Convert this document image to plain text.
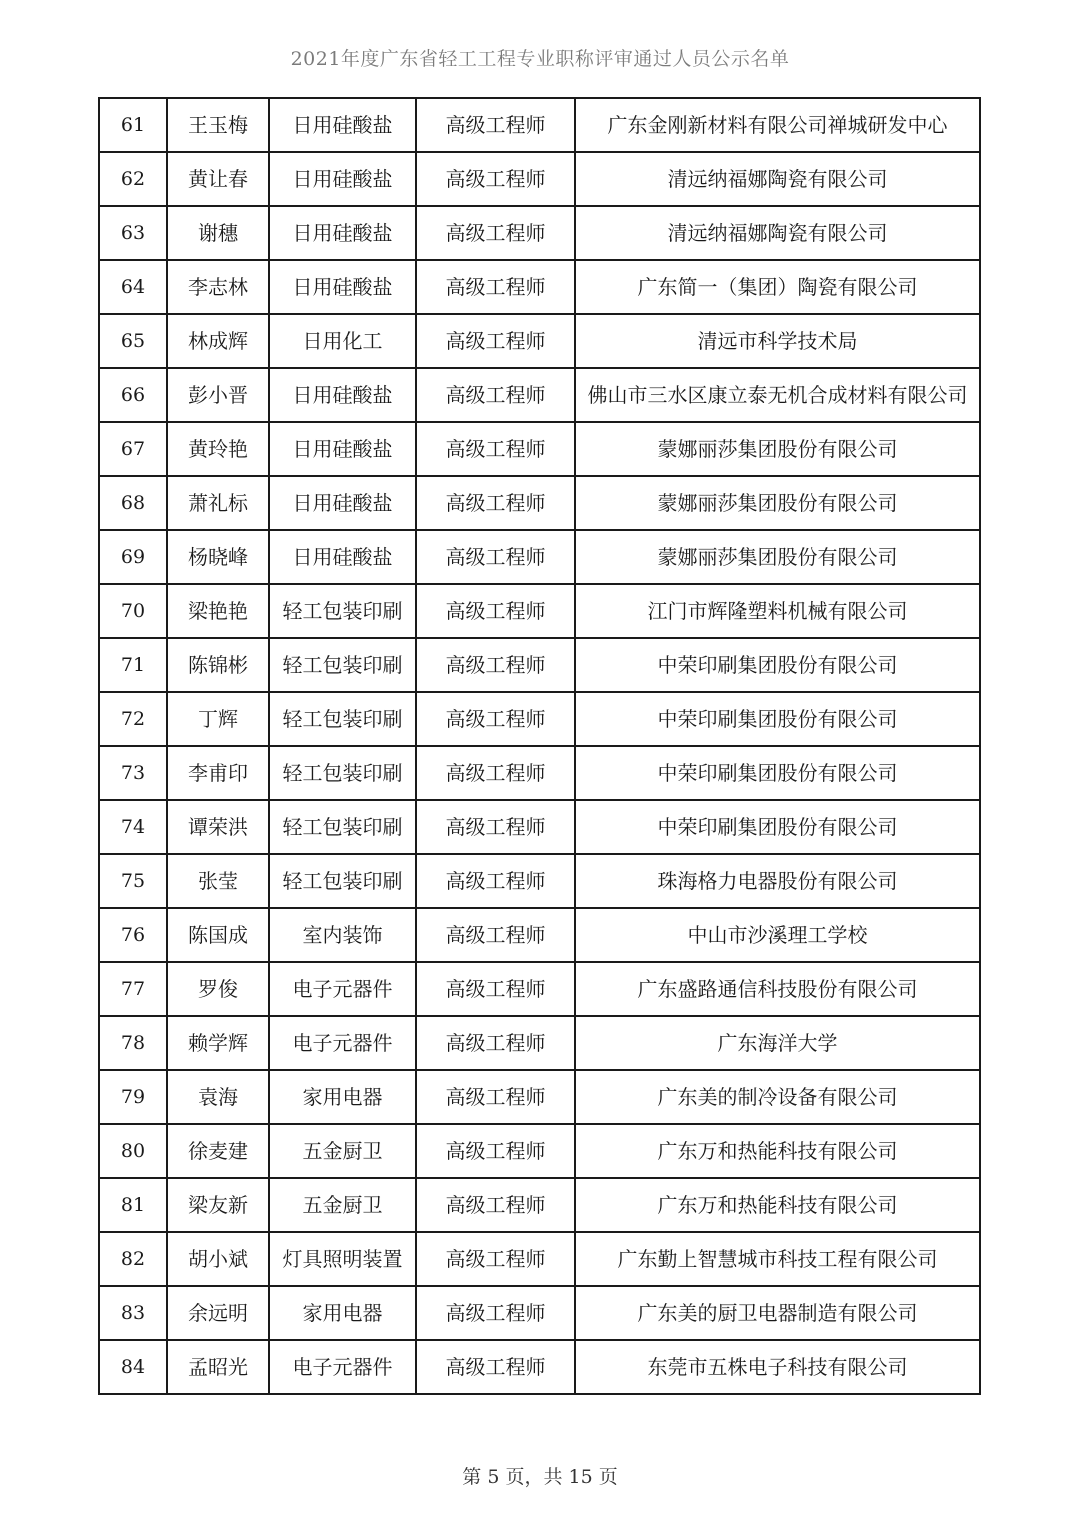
2021年度广东省轻工工程专业职称评审通过人员公示名单
61	王玉梅	日用硅酸盐	高级工程师	广东金刚新材料有限公司禅城研发中心
62	黄让春	日用硅酸盐	高级工程师	清远纳福娜陶瓷有限公司
63	谢穗	日用硅酸盐	高级工程师	清远纳福娜陶瓷有限公司
64	李志林	日用硅酸盐	高级工程师	广东简一（集团）陶瓷有限公司
65	林成辉	日用化工	高级工程师	清远市科学技术局
66	彭小晋	日用硅酸盐	高级工程师	佛山市三水区康立泰无机合成材料有限公司
67	黄玲艳	日用硅酸盐	高级工程师	蒙娜丽莎集团股份有限公司
68	萧礼标	日用硅酸盐	高级工程师	蒙娜丽莎集团股份有限公司
69	杨晓峰	日用硅酸盐	高级工程师	蒙娜丽莎集团股份有限公司
70	梁艳艳	轻工包装印刷	高级工程师	江门市辉隆塑料机械有限公司
71	陈锦彬	轻工包装印刷	高级工程师	中荣印刷集团股份有限公司
72	丁辉	轻工包装印刷	高级工程师	中荣印刷集团股份有限公司
73	李甫印	轻工包装印刷	高级工程师	中荣印刷集团股份有限公司
74	谭荣洪	轻工包装印刷	高级工程师	中荣印刷集团股份有限公司
75	张莹	轻工包装印刷	高级工程师	珠海格力电器股份有限公司
76	陈国成	室内装饰	高级工程师	中山市沙溪理工学校
77	罗俊	电子元器件	高级工程师	广东盛路通信科技股份有限公司
78	赖学辉	电子元器件	高级工程师	广东海洋大学
79	袁海	家用电器	高级工程师	广东美的制冷设备有限公司
80	徐麦建	五金厨卫	高级工程师	广东万和热能科技有限公司
81	梁友新	五金厨卫	高级工程师	广东万和热能科技有限公司
82	胡小斌	灯具照明装置	高级工程师	广东勤上智慧城市科技工程有限公司
83	余远明	家用电器	高级工程师	广东美的厨卫电器制造有限公司
84	孟昭光	电子元器件	高级工程师	东莞市五株电子科技有限公司
第 5 页，共 15 页
